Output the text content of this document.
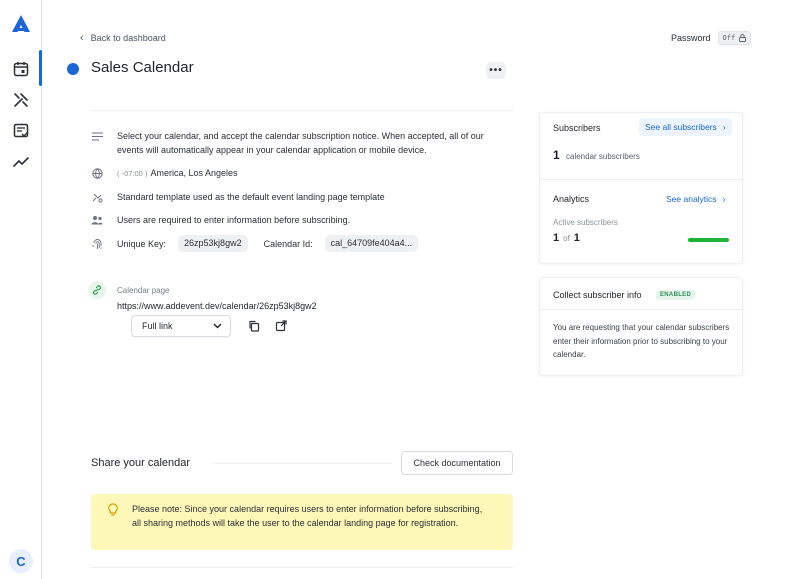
C
‹ Back to dashboard	Password Off
Sales Calendar	•••
Select your calendar, and accept the calendar subscription notice. When accepted, all of our events will automatically appear in your calendar application or mobile device.
( -07:00 ) America, Los Angeles
Standard template used as the default event landing page template
Users are required to enter information before subscribing.
Unique Key:	26zp53kj8gw2	Calendar Id:	cal_64709fe404a4...
Calendar page
https://www.addevent.dev/calendar/26zp53kj8gw2
Full link
Share your calendar	Check documentation
Please note: Since your calendar requires users to enter information before subscribing, all sharing methods will take the user to the calendar landing page for registration.
Subscribers	See all subscribers ›
1 calendar subscribers
Analytics	See analytics ›
Active subscribers
1 of 1
Collect subscriber info	ENABLED
You are requesting that your calendar subscribers enter their information prior to subscribing to your calendar.
